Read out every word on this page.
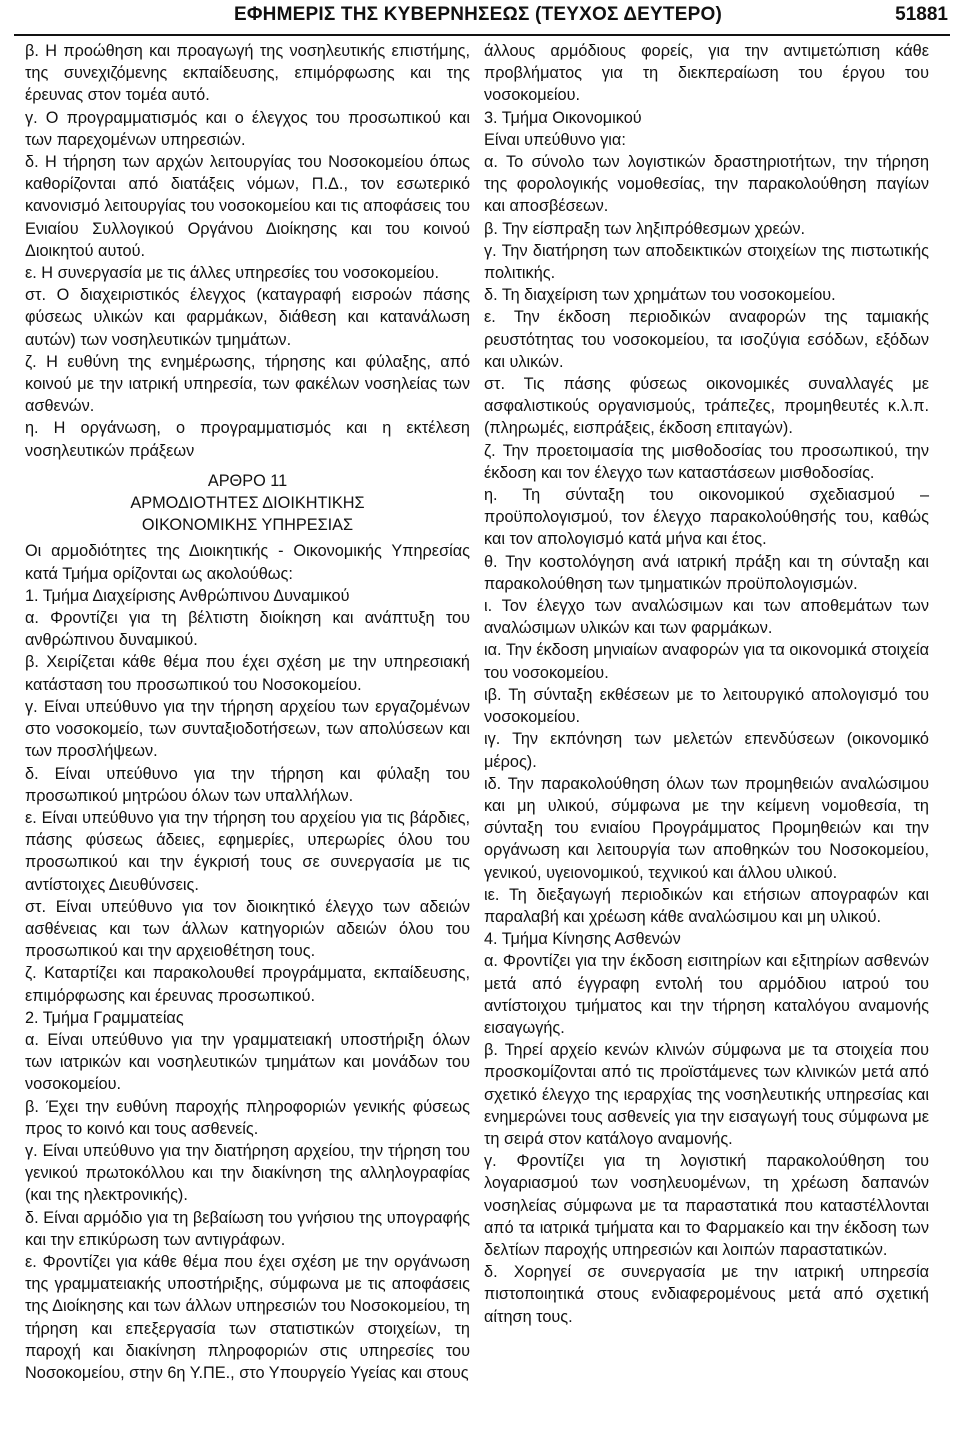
ΕΦΗΜΕΡΙΣ ΤΗΣ ΚΥΒΕΡΝΗΣΕΩΣ (ΤΕΥΧΟΣ ΔΕΥΤΕΡΟ)	51881

β. Η προώθηση και προαγωγή της νοσηλευτικής επιστήμης, της συνεχιζόμενης εκπαίδευσης, επιμόρφωσης και της έρευνας στον τομέα αυτό.

γ. Ο προγραμματισμός και ο έλεγχος του προσωπικού και των παρεχομένων υπηρεσιών.

δ. Η τήρηση των αρχών λειτουργίας του Νοσοκομείου όπως καθορίζονται από διατάξεις νόμων, Π.Δ., τον εσωτερικό κανονισμό λειτουργίας του νοσοκομείου και τις αποφάσεις του Ενιαίου Συλλογικού Οργάνου Διοίκησης και του κοινού Διοικητού αυτού.

ε. Η συνεργασία με τις άλλες υπηρεσίες του νοσοκομείου.

στ. Ο διαχειριστικός έλεγχος (καταγραφή εισροών πάσης φύσεως υλικών και φαρμάκων, διάθεση και κατανάλωση αυτών) των νοσηλευτικών τμημάτων.

ζ. Η ευθύνη της ενημέρωσης, τήρησης και φύλαξης, από κοινού με την ιατρική υπηρεσία, των φακέλων νοσηλείας των ασθενών.

η. Η οργάνωση, ο προγραμματισμός και η εκτέλεση νοσηλευτικών πράξεων

ΑΡΘΡΟ 11
ΑΡΜΟΔΙΟΤΗΤΕΣ ΔΙΟΙΚΗΤΙΚΗΣ
ΟΙΚΟΝΟΜΙΚΗΣ ΥΠΗΡΕΣΙΑΣ

Οι αρμοδιότητες της Διοικητικής - Οικονομικής Υπηρεσίας κατά Τμήμα ορίζονται ως ακολούθως:

1. Τμήμα Διαχείρισης Ανθρώπινου Δυναμικού

α. Φροντίζει για τη βέλτιστη διοίκηση και ανάπτυξη του ανθρώπινου δυναμικού.

β. Χειρίζεται κάθε θέμα που έχει σχέση με την υπηρεσιακή κατάσταση του προσωπικού του Νοσοκομείου.

γ. Είναι υπεύθυνο για την τήρηση αρχείου των εργαζομένων στο νοσοκομείο, των συνταξιοδοτήσεων, των απολύσεων και των προσλήψεων.

δ. Είναι υπεύθυνο για την τήρηση και φύλαξη του προσωπικού μητρώου όλων των υπαλλήλων.

ε. Είναι υπεύθυνο για την τήρηση του αρχείου για τις βάρδιες, πάσης φύσεως άδειες, εφημερίες, υπερωρίες όλου του προσωπικού και την έγκρισή τους σε συνεργασία με τις αντίστοιχες Διευθύνσεις.

στ. Είναι υπεύθυνο για τον διοικητικό έλεγχο των αδειών ασθένειας και των άλλων κατηγοριών αδειών όλου του προσωπικού και την αρχειοθέτηση τους.

ζ. Καταρτίζει και παρακολουθεί προγράμματα, εκπαίδευσης, επιμόρφωσης και έρευνας προσωπικού.

2. Τμήμα Γραμματείας

α. Είναι υπεύθυνο για την γραμματειακή υποστήριξη όλων των ιατρικών και νοσηλευτικών τμημάτων και μονάδων του νοσοκομείου.

β. Έχει την ευθύνη παροχής πληροφοριών γενικής φύσεως προς το κοινό και τους ασθενείς.

γ. Είναι υπεύθυνο για την διατήρηση αρχείου, την τήρηση του γενικού πρωτοκόλλου και την διακίνηση της αλληλογραφίας (και της ηλεκτρονικής).

δ. Είναι αρμόδιο για τη βεβαίωση του γνήσιου της υπογραφής και την επικύρωση των αντιγράφων.

ε. Φροντίζει για κάθε θέμα που έχει σχέση με την οργάνωση της γραμματειακής υποστήριξης, σύμφωνα με τις αποφάσεις της Διοίκησης και των άλλων υπηρεσιών του Νοσοκομείου, τη τήρηση και επεξεργασία των στατιστικών στοιχείων, τη παροχή και διακίνηση πληροφοριών στις υπηρεσίες του Νοσοκομείου, στην 6η Υ.ΠΕ., στο Υπουργείο Υγείας και στους

άλλους αρμόδιους φορείς, για την αντιμετώπιση κάθε προβλήματος για τη διεκπεραίωση του έργου του νοσοκομείου.

3. Τμήμα Οικονομικού

Είναι υπεύθυνο για:

α. Το σύνολο των λογιστικών δραστηριοτήτων, την τήρηση της φορολογικής νομοθεσίας, την παρακολούθηση παγίων και αποσβέσεων.

β. Την είσπραξη των ληξιπρόθεσμων χρεών.

γ. Την διατήρηση των αποδεικτικών στοιχείων της πιστωτικής πολιτικής.

δ. Τη διαχείριση των χρημάτων του νοσοκομείου.

ε. Την έκδοση περιοδικών αναφορών της ταμιακής ρευστότητας του νοσοκομείου, τα ισοζύγια εσόδων, εξόδων και υλικών.

στ. Τις πάσης φύσεως οικονομικές συναλλαγές με ασφαλιστικούς οργανισμούς, τράπεζες, προμηθευτές κ.λ.π. (πληρωμές, εισπράξεις, έκδοση επιταγών).

ζ. Την προετοιμασία της μισθοδοσίας του προσωπικού, την έκδοση και τον έλεγχο των καταστάσεων μισθοδοσίας.

η. Τη σύνταξη του οικονομικού σχεδιασμού – προϋπολογισμού, τον έλεγχο παρακολούθησής του, καθώς και τον απολογισμό κατά μήνα και έτος.

θ. Την κοστολόγηση ανά ιατρική πράξη και τη σύνταξη και παρακολούθηση των τμηματικών προϋπολογισμών.

ι. Τον έλεγχο των αναλώσιμων και των αποθεμάτων των αναλώσιμων υλικών και των φαρμάκων.

ια. Την έκδοση μηνιαίων αναφορών για τα οικονομικά στοιχεία του νοσοκομείου.

ιβ. Τη σύνταξη εκθέσεων με το λειτουργικό απολογισμό του νοσοκομείου.

ιγ. Την εκπόνηση των μελετών επενδύσεων (οικονομικό μέρος).

ιδ. Την παρακολούθηση όλων των προμηθειών αναλώσιμου και μη υλικού, σύμφωνα με την κείμενη νομοθεσία, τη σύνταξη του ενιαίου Προγράμματος Προμηθειών και την οργάνωση και λειτουργία των αποθηκών του Νοσοκομείου, γενικού, υγειονομικού, τεχνικού και άλλου υλικού.

ιε. Τη διεξαγωγή περιοδικών και ετήσιων απογραφών και παραλαβή και χρέωση κάθε αναλώσιμου και μη υλικού.

4. Τμήμα Κίνησης Ασθενών

α. Φροντίζει για την έκδοση εισιτηρίων και εξιτηρίων ασθενών μετά από έγγραφη εντολή του αρμόδιου ιατρού του αντίστοιχου τμήματος και την τήρηση καταλόγου αναμονής εισαγωγής.

β. Τηρεί αρχείο κενών κλινών σύμφωνα με τα στοιχεία που προσκομίζονται από τις προϊστάμενες των κλινικών μετά από σχετικό έλεγχο της ιεραρχίας της νοσηλευτικής υπηρεσίας και ενημερώνει τους ασθενείς για την εισαγωγή τους σύμφωνα με τη σειρά στον κατάλογο αναμονής.

γ. Φροντίζει για τη λογιστική παρακολούθηση του λογαριασμού των νοσηλευομένων, τη χρέωση δαπανών νοσηλείας σύμφωνα με τα παραστατικά που καταστέλλονται από τα ιατρικά τμήματα και το Φαρμακείο και την έκδοση των δελτίων παροχής υπηρεσιών και λοιπών παραστατικών.

δ. Χορηγεί σε συνεργασία με την ιατρική υπηρεσία πιστοποιητικά στους ενδιαφερομένους μετά από σχετική αίτηση τους.
